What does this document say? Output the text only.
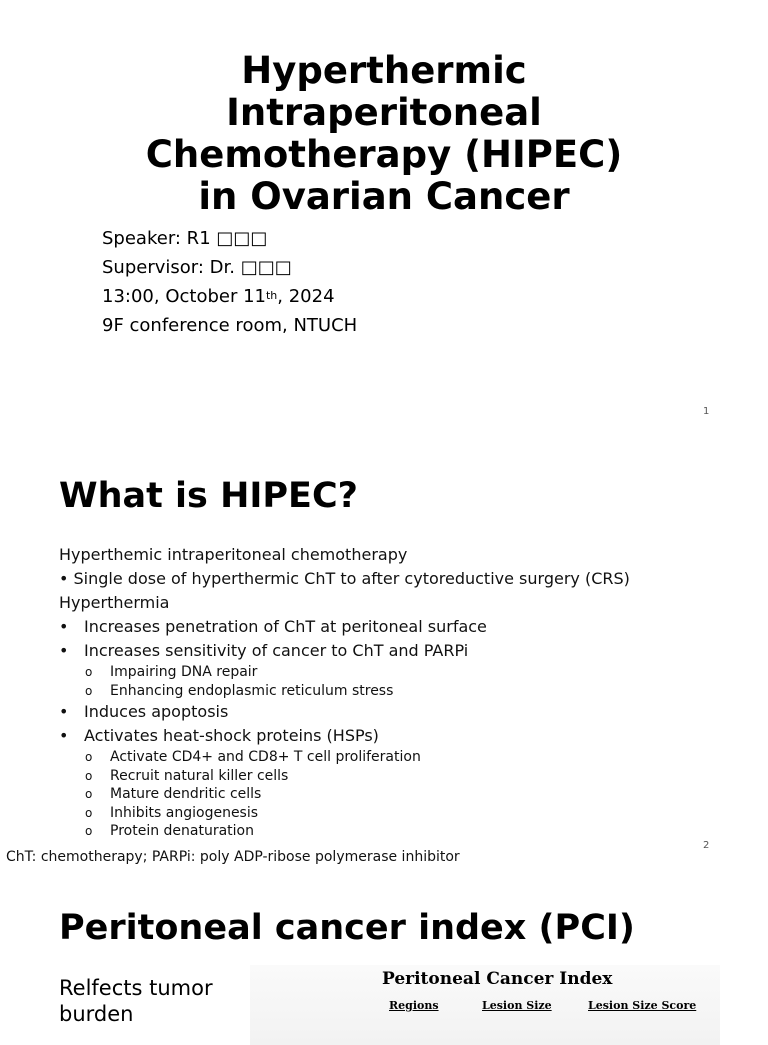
Hyperthermic
Intraperitoneal
Chemotherapy (HIPEC)
in Ovarian Cancer
Speaker: R1 □□□
Supervisor: Dr. □□□
13:00, October 11th, 2024
9F conference room, NTUCH
1
What is HIPEC?
Hyperthemic intraperitoneal chemotherapy
• Single dose of hyperthermic ChT to after cytoreductive surgery (CRS)
Hyperthermia
• Increases penetration of ChT at peritoneal surface
• Increases sensitivity of cancer to ChT and PARPi
o Impairing DNA repair
o Enhancing endoplasmic reticulum stress
• Induces apoptosis
• Activates heat-shock proteins (HSPs)
o Activate CD4+ and CD8+ T cell proliferation
o Recruit natural killer cells
o Mature dendritic cells
o Inhibits angiogenesis
o Protein denaturation
2
ChT: chemotherapy; PARPi: poly ADP-ribose polymerase inhibitor
Peritoneal cancer index (PCI)
Relfects tumor
burden
Peritoneal Cancer Index
Regions	Lesion Size	Lesion Size Score
